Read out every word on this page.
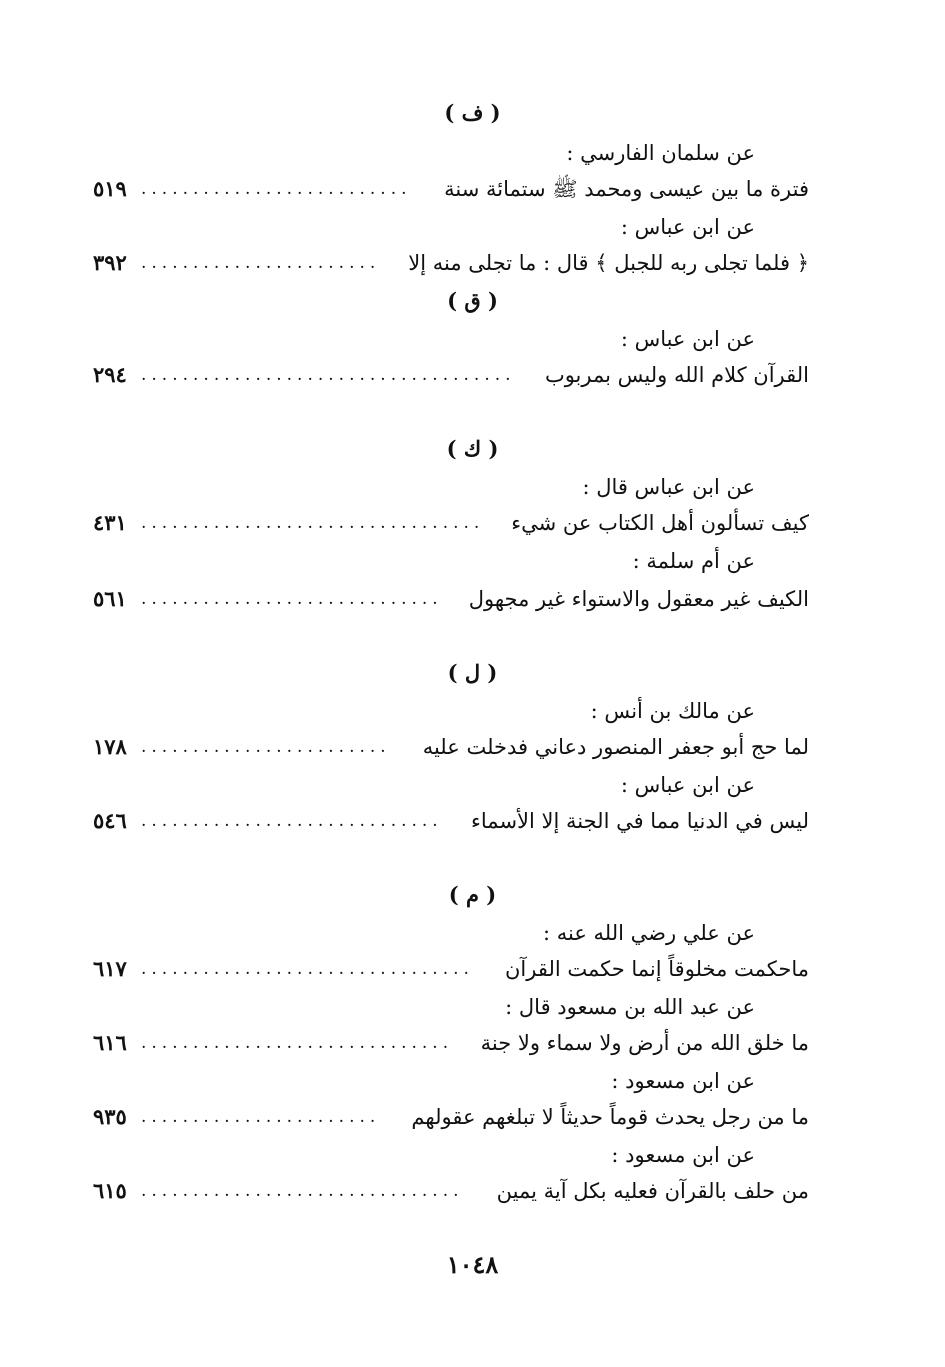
( ف )
عن سلمان الفارسي :
فترة ما بين عيسى ومحمد ﷺ ستمائة سنة
..........................
٥١٩
عن ابن عباس :
﴿ فلما تجلى ربه للجبل ﴾ قال : ما تجلى منه إلا
.......................
٣٩٢
( ق )
عن ابن عباس :
القرآن كلام الله وليس بمربوب
....................................
٢٩٤
( ك )
عن ابن عباس قال :
كيف تسألون أهل الكتاب عن شيء
.................................
٤٣١
عن أم سلمة :
الكيف غير معقول والاستواء غير مجهول
.............................
٥٦١
( ل )
عن مالك بن أنس :
لما حج أبو جعفر المنصور دعاني فدخلت عليه
........................
١٧٨
عن ابن عباس :
ليس في الدنيا مما في الجنة إلا الأسماء
.............................
٥٤٦
( م )
عن علي رضي الله عنه :
ماحكمت مخلوقاً إنما حكمت القرآن
................................
٦١٧
عن عبد الله بن مسعود قال :
ما خلق الله من أرض ولا سماء ولا جنة
..............................
٦١٦
عن ابن مسعود :
ما من رجل يحدث قوماً حديثاً لا تبلغهم عقولهم
.......................
٩٣٥
عن ابن مسعود :
من حلف بالقرآن فعليه بكل آية يمين
...............................
٦١٥
١٠٤٨
